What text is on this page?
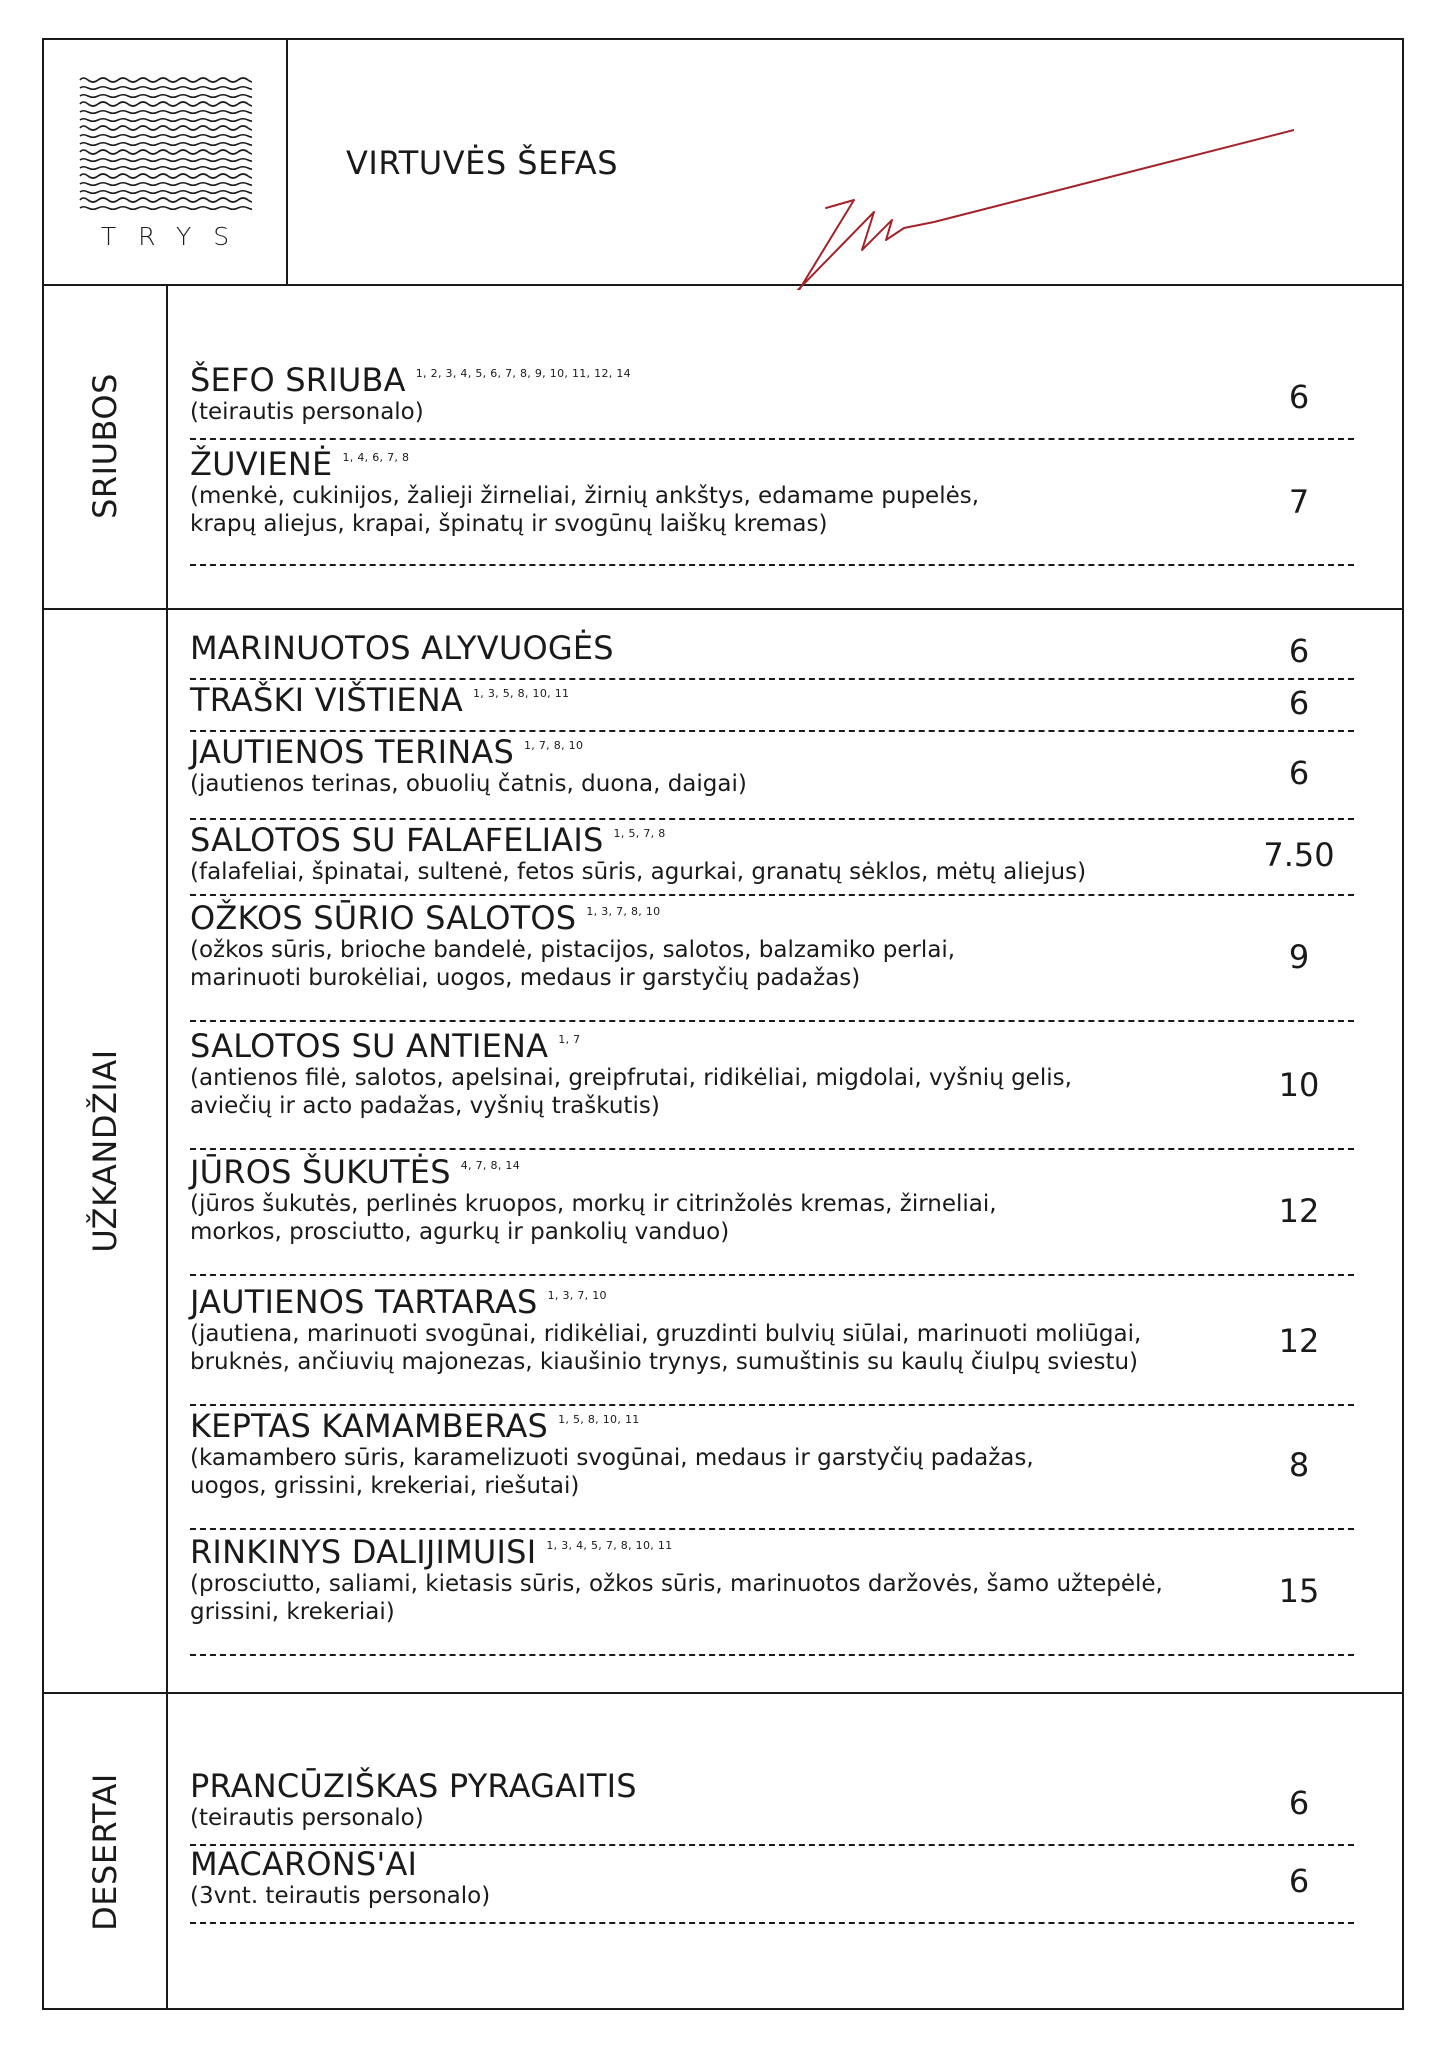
TRYS
VIRTUVĖS ŠEFAS
SRIUBOS ŠEFO SRIUBA $^{1, 2, 3, 4, 5, 6, 7, 8, 9, 10, 11, 12, 14}$
(teirautis personalo)	6
ŽUVIENĖ $^{1, 4, 6, 7, 8}$
(menkė, cukinijos, žalieji žirneliai, žirnių ankštys, edamame pupelės,
krapų aliejus, krapai, špinatų ir svogūnų laiškų kremas)
7
UŽKANDŽIAI
MARINUOTOS ALYVUOGĖS	6
TRAŠKI VIŠTIENA $^{1, 3, 5, 8, 10, 11}$	6
JAUTIENOS TERINAS $^{1, 7, 8, 10}$
(jautienos terinas, obuolių čatnis, duona, daigai)	6
SALOTOS SU FALAFELIAIS $^{1, 5, 7, 8}$
(falafeliai, špinatai, sultenė, fetos sūris, agurkai, granatų sėklos, mėtų aliejus)	7.50
OŽKOS SŪRIO SALOTOS $^{1, 3, 7, 8, 10}$
(ožkos sūris, brioche bandelė, pistacijos, salotos, balzamiko perlai,
marinuoti burokėliai, uogos, medaus ir garstyčių padažas)
9
SALOTOS SU ANTIENA $^{1, 7}$
(antienos filė, salotos, apelsinai, greipfrutai, ridikėliai, migdolai, vyšnių gelis,
aviečių ir acto padažas, vyšnių traškutis)
10
JŪROS ŠUKUTĖS $^{4, 7, 8, 14}$
(jūros šukutės, perlinės kruopos, morkų ir citrinžolės kremas, žirneliai,
morkos, prosciutto, agurkų ir pankolių vanduo)
12
JAUTIENOS TARTARAS $^{1, 3, 7, 10}$
(jautiena, marinuoti svogūnai, ridikėliai, gruzdinti bulvių siūlai, marinuoti moliūgai,
bruknės, ančiuvių majonezas, kiaušinio trynys, sumuštinis su kaulų čiulpų sviestu)
12
KEPTAS KAMAMBERAS $^{1, 5, 8, 10, 11}$
(kamambero sūris, karamelizuoti svogūnai, medaus ir garstyčių padažas,
uogos, grissini, krekeriai, riešutai)
8
RINKINYS DALIJIMUISI $^{1, 3, 4, 5, 7, 8, 10, 11}$
(prosciutto, saliami, kietasis sūris, ožkos sūris, marinuotos daržovės, šamo užtepėlė,
grissini, krekeriai)
15
DESERTAI PRANCŪZIŠKAS PYRAGAITIS
(teirautis personalo)	6
MACARONS'AI
(3vnt. teirautis personalo)	6
